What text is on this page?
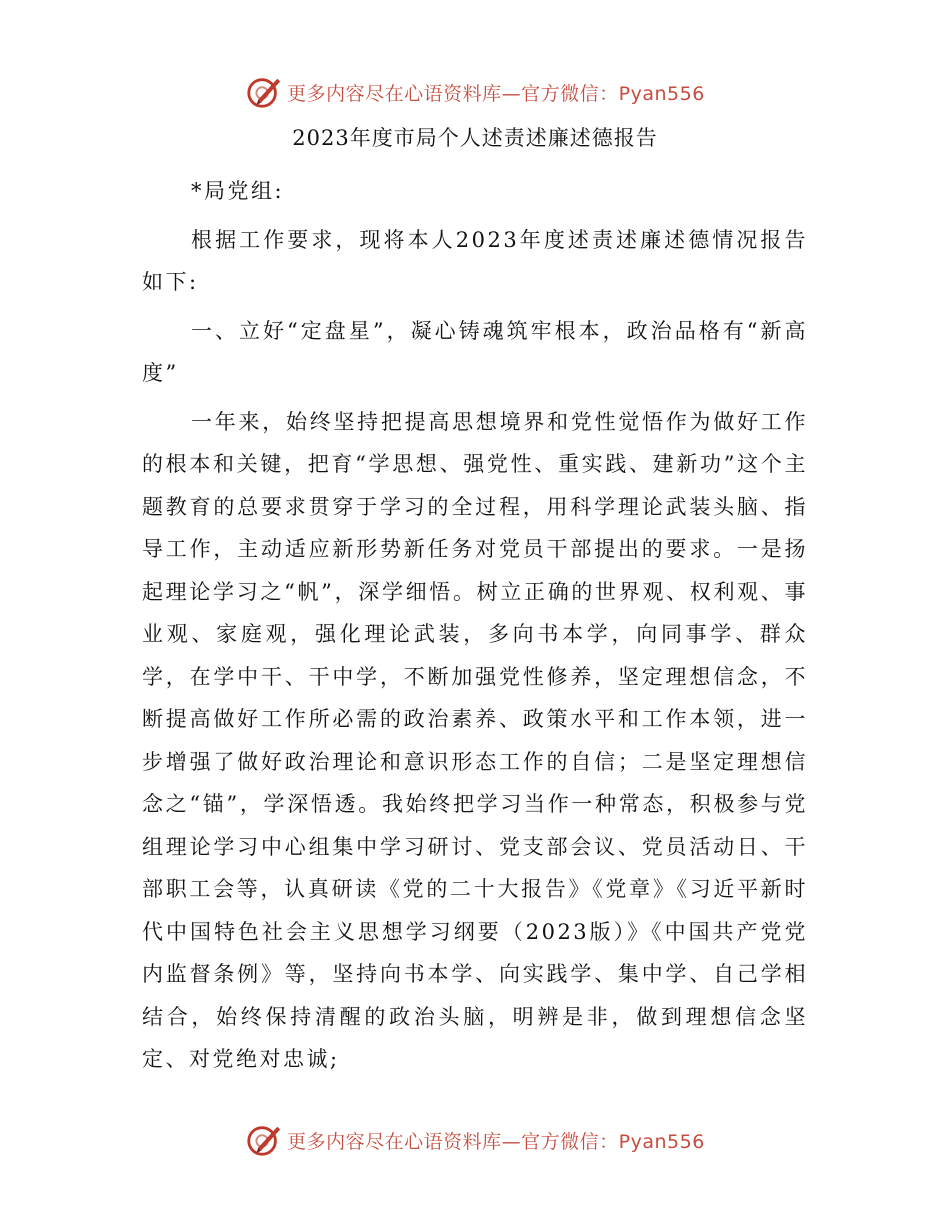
更多内容尽在心语资料库—官方微信：Pyan556
2023年度市局个人述责述廉述德报告

*局党组:

根据工作要求，现将本人2023年度述责述廉述德情况报告如下:

一、立好“定盘星”，凝心铸魂筑牢根本，政治品格有“新高度”

一年来，始终坚持把提高思想境界和党性觉悟作为做好工作的根本和关键，把育“学思想、强党性、重实践、建新功”这个主题教育的总要求贯穿于学习的全过程，用科学理论武装头脑、指导工作，主动适应新形势新任务对党员干部提出的要求。一是扬起理论学习之“帆”，深学细悟。树立正确的世界观、权利观、事业观、家庭观，强化理论武装，多向书本学，向同事学、群众学，在学中干、干中学，不断加强党性修养，坚定理想信念，不断提高做好工作所必需的政治素养、政策水平和工作本领，进一步增强了做好政治理论和意识形态工作的自信；二是坚定理想信念之“锚”，学深悟透。我始终把学习当作一种常态，积极参与党组理论学习中心组集中学习研讨、党支部会议、党员活动日、干部职工会等，认真研读《党的二十大报告》《党章》《习近平新时代中国特色社会主义思想学习纲要（2023版）》《中国共产党党内监督条例》等，坚持向书本学、向实践学、集中学、自己学相结合，始终保持清醒的政治头脑，明辨是非，做到理想信念坚定、对党绝对忠诚;

更多内容尽在心语资料库—官方微信：Pyan556
